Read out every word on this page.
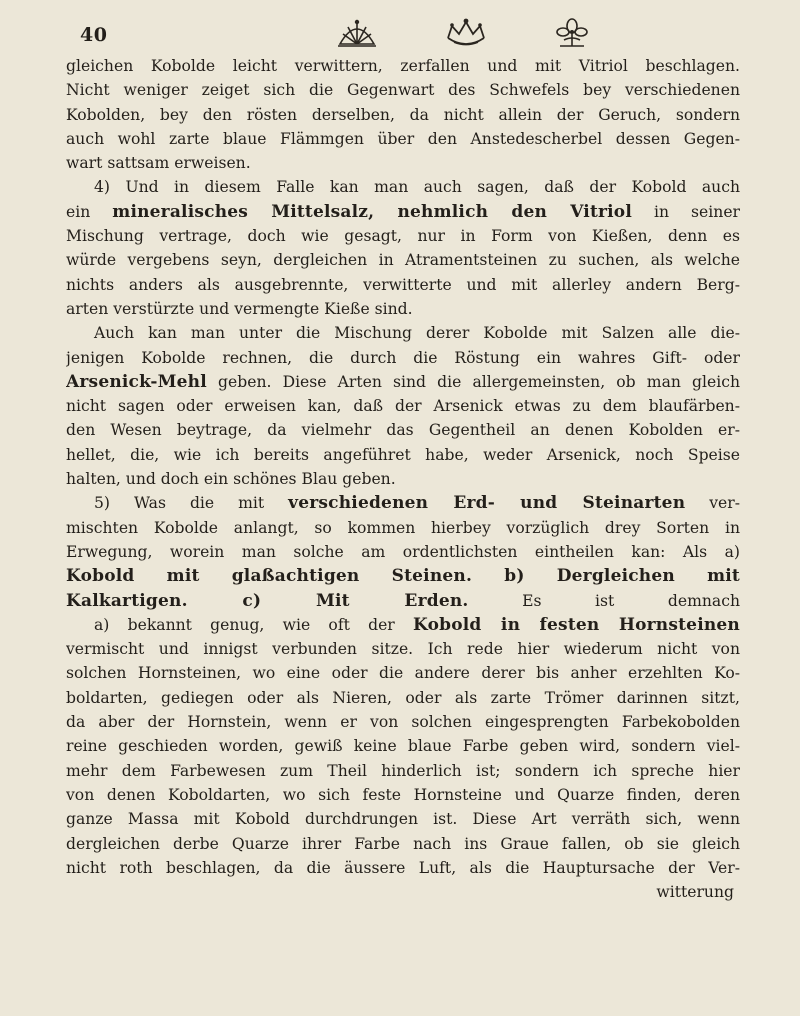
40
gleichen Kobolde leicht verwittern, zerfallen und mit Vitriol beschlagen.
Nicht weniger zeiget sich die Gegenwart des Schwefels bey verschiedenen
Kobolden, bey den rösten derselben, da nicht allein der Geruch, sondern
auch wohl zarte blaue Flämmgen über den Anstedescherbel dessen Gegen-
wart sattsam erweisen.
4) Und in diesem Falle kan man auch sagen, daß der Kobold auch
ein mineralisches Mittelsalz, nehmlich den Vitriol in seiner
Mischung vertrage, doch wie gesagt, nur in Form von Kießen, denn es
würde vergebens seyn, dergleichen in Atramentsteinen zu suchen, als welche
nichts anders als ausgebrennte, verwitterte und mit allerley andern Berg-
arten verstürzte und vermengte Kieße sind.
Auch kan man unter die Mischung derer Kobolde mit Salzen alle die-
jenigen Kobolde rechnen, die durch die Röstung ein wahres Gift- oder
Arsenick-Mehl geben. Diese Arten sind die allergemeinsten, ob man gleich
nicht sagen oder erweisen kan, daß der Arsenick etwas zu dem blaufärben-
den Wesen beytrage, da vielmehr das Gegentheil an denen Kobolden er-
hellet, die, wie ich bereits angeführet habe, weder Arsenick, noch Speise
halten, und doch ein schönes Blau geben.
5) Was die mit verschiedenen Erd- und Steinarten ver-
mischten Kobolde anlangt, so kommen hierbey vorzüglich drey Sorten in
Erwegung, worein man solche am ordentlichsten eintheilen kan: Als a)
Kobold mit glaßachtigen Steinen. b) Dergleichen mit
Kalkartigen. c) Mit Erden. Es ist demnach
a) bekannt genug, wie oft der Kobold in festen Hornsteinen
vermischt und innigst verbunden sitze. Ich rede hier wiederum nicht von
solchen Hornsteinen, wo eine oder die andere derer bis anher erzehlten Ko-
boldarten, gediegen oder als Nieren, oder als zarte Trömer darinnen sitzt,
da aber der Hornstein, wenn er von solchen eingesprengten Farbekobolden
reine geschieden worden, gewiß keine blaue Farbe geben wird, sondern viel-
mehr dem Farbewesen zum Theil hinderlich ist; sondern ich spreche hier
von denen Koboldarten, wo sich feste Hornsteine und Quarze finden, deren
ganze Massa mit Kobold durchdrungen ist. Diese Art verräth sich, wenn
dergleichen derbe Quarze ihrer Farbe nach ins Graue fallen, ob sie gleich
nicht roth beschlagen, da die äussere Luft, als die Hauptursache der Ver-
witterung
